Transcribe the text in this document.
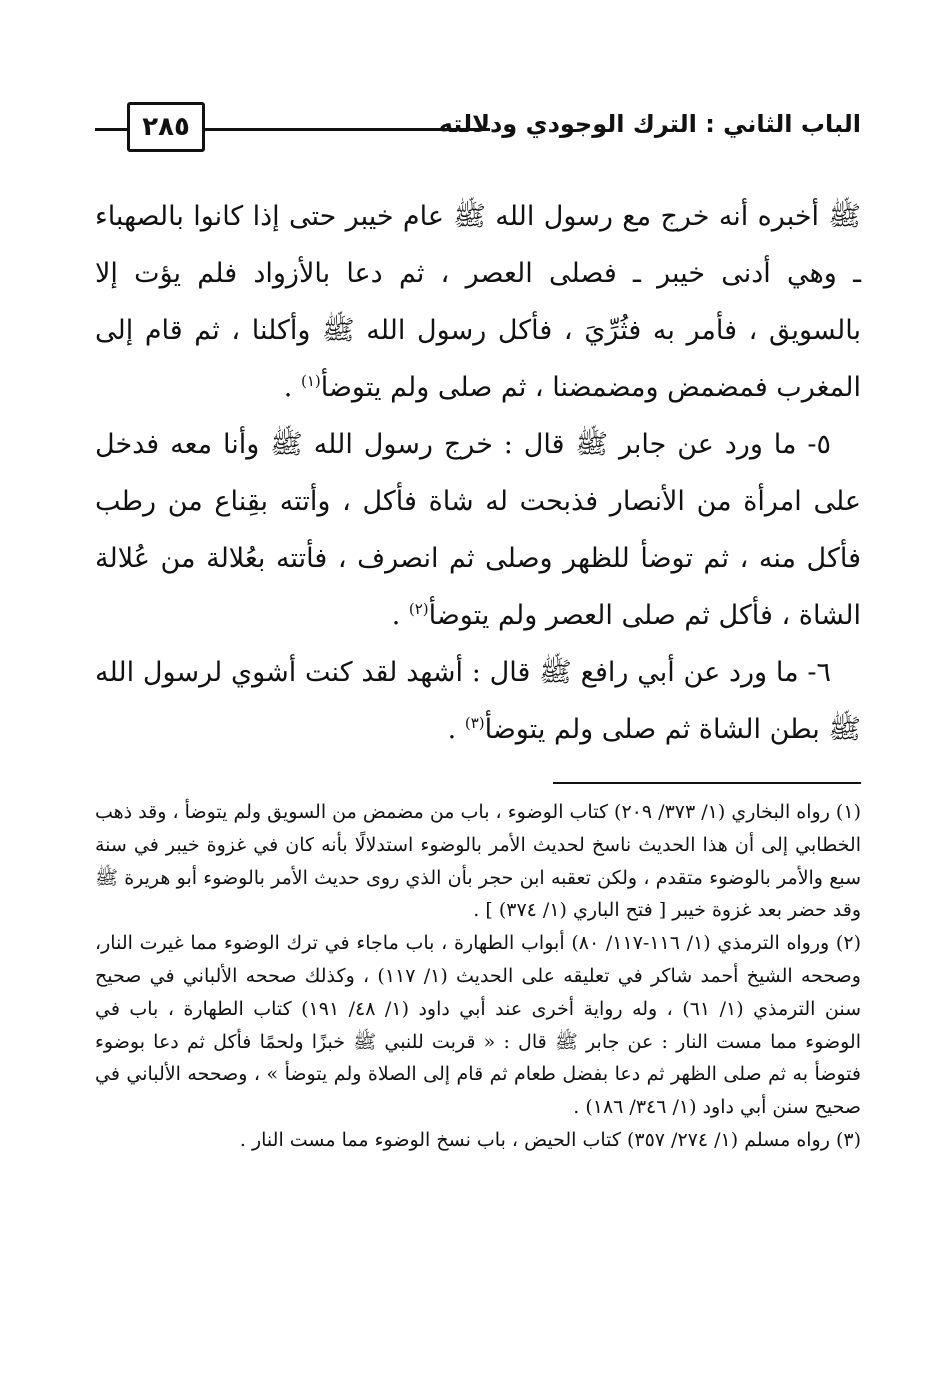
٢٨٥	الباب الثاني : الترك الوجودي ودلالته

ﷺ أخبره أنه خرج مع رسول الله ﷺ عام خيبر حتى إذا كانوا بالصهباء ـ وهي أدنى خيبر ـ فصلى العصر ، ثم دعا بالأزواد فلم يؤت إلا بالسويق ، فأمر به فثُرِّيَ ، فأكل رسول الله ﷺ وأكلنا ، ثم قام إلى المغرب فمضمض ومضمضنا ، ثم صلى ولم يتوضأ$^{(١)}$ .

٥- ما ورد عن جابر ﷺ قال : خرج رسول الله ﷺ وأنا معه فدخل على امرأة من الأنصار فذبحت له شاة فأكل ، وأتته بقِناع من رطب فأكل منه ، ثم توضأ للظهر وصلى ثم انصرف ، فأتته بعُلالة من عُلالة الشاة ، فأكل ثم صلى العصر ولم يتوضأ$^{(٢)}$ .

٦- ما ورد عن أبي رافع ﷺ قال : أشهد لقد كنت أشوي لرسول الله ﷺ بطن الشاة ثم صلى ولم يتوضأ$^{(٣)}$ .

(١) رواه البخاري (١/ ٣٧٣/ ٢٠٩) كتاب الوضوء ، باب من مضمض من السويق ولم يتوضأ ، وقد ذهب الخطابي إلى أن هذا الحديث ناسخ لحديث الأمر بالوضوء استدلالًا بأنه كان في غزوة خيبر في سنة سبع والأمر بالوضوء متقدم ، ولكن تعقبه ابن حجر بأن الذي روى حديث الأمر بالوضوء أبو هريرة ﷺ وقد حضر بعد غزوة خيبر [ فتح الباري (١/ ٣٧٤) ] .

(٢) ورواه الترمذي (١/ ١١٦-١١٧/ ٨٠) أبواب الطهارة ، باب ماجاء في ترك الوضوء مما غيرت النار، وصححه الشيخ أحمد شاكر في تعليقه على الحديث (١/ ١١٧) ، وكذلك صححه الألباني في صحيح سنن الترمذي (١/ ٦١) ، وله رواية أخرى عند أبي داود (١/ ٤٨/ ١٩١) كتاب الطهارة ، باب في الوضوء مما مست النار : عن جابر ﷺ قال : « قربت للنبي ﷺ خبزًا ولحمًا فأكل ثم دعا بوضوء فتوضأ به ثم صلى الظهر ثم دعا بفضل طعام ثم قام إلى الصلاة ولم يتوضأ » ، وصححه الألباني في صحيح سنن أبي داود (١/ ٣٤٦/ ١٨٦) .

(٣) رواه مسلم (١/ ٢٧٤/ ٣٥٧) كتاب الحيض ، باب نسخ الوضوء مما مست النار .
